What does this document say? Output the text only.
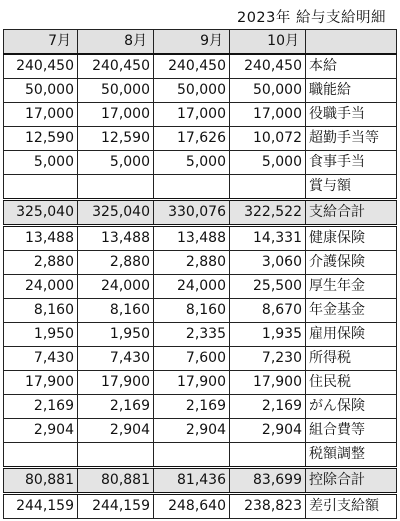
2023年 給与支給明細
7月	8月	9月	10月	
240,450	240,450	240,450	240,450	本給
50,000	50,000	50,000	50,000	職能給
17,000	17,000	17,000	17,000	役職手当
12,590	12,590	17,626	10,072	超勤手当等
5,000	5,000	5,000	5,000	食事手当
				賞与額
325,040	325,040	330,076	322,522	支給合計
13,488	13,488	13,488	14,331	健康保険
2,880	2,880	2,880	3,060	介護保険
24,000	24,000	24,000	25,500	厚生年金
8,160	8,160	8,160	8,670	年金基金
1,950	1,950	2,335	1,935	雇用保険
7,430	7,430	7,600	7,230	所得税
17,900	17,900	17,900	17,900	住民税
2,169	2,169	2,169	2,169	がん保険
2,904	2,904	2,904	2,904	組合費等
				税額調整
80,881	80,881	81,436	83,699	控除合計
244,159	244,159	248,640	238,823	差引支給額
